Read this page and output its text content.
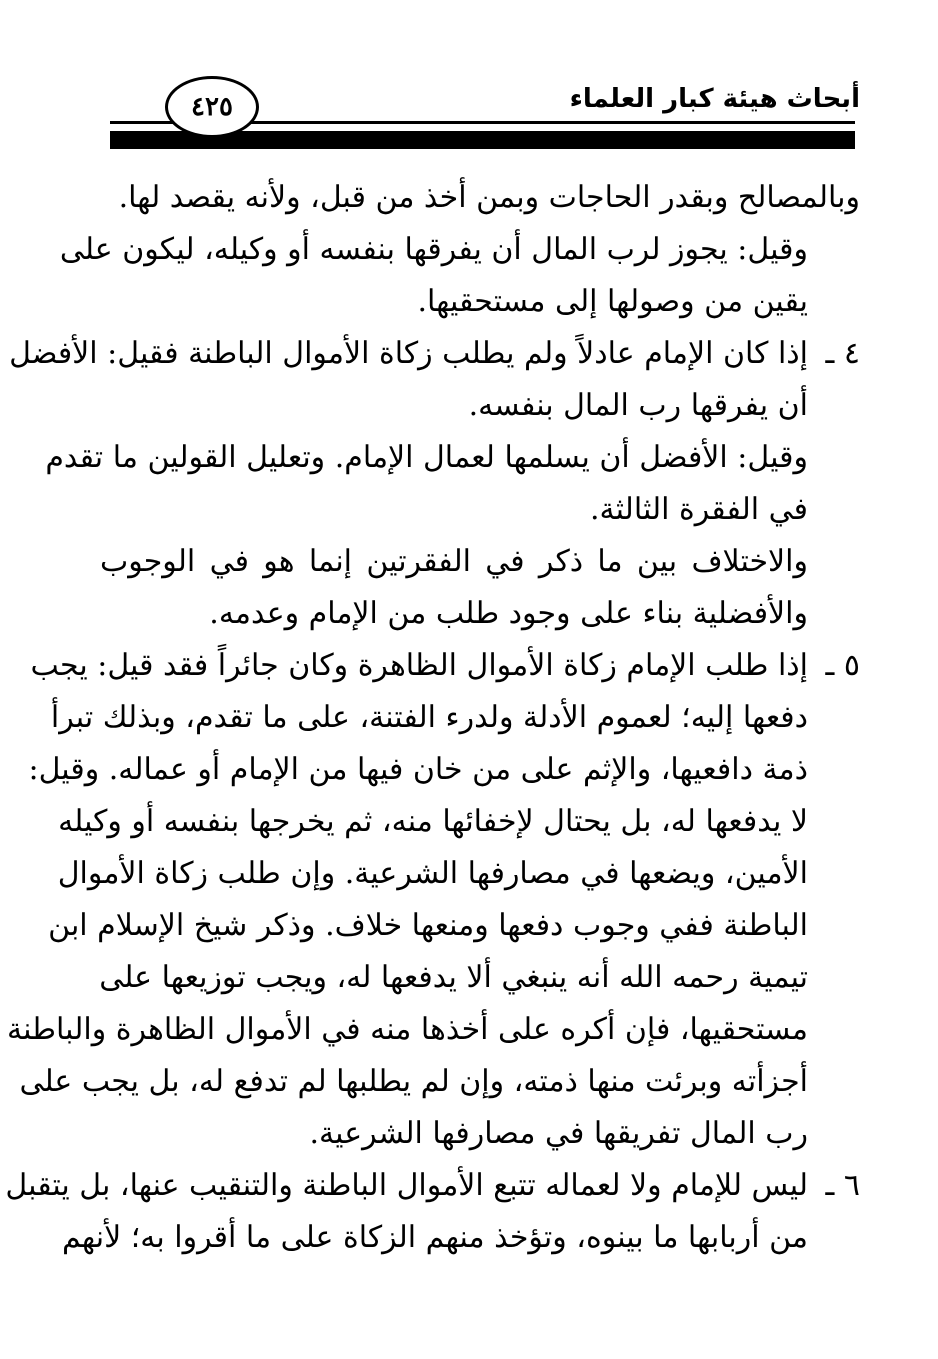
أبحاث هيئة كبار العلماء
٤٢٥
وبالمصالح وبقدر الحاجات وبمن أخذ من قبل، ولأنه يقصد لها.
وقيل: يجوز لرب المال أن يفرقها بنفسه أو وكيله، ليكون على
يقين من وصولها إلى مستحقيها.
٤ ـ
إذا كان الإمام عادلاً ولم يطلب زكاة الأموال الباطنة فقيل: الأفضل
أن يفرقها رب المال بنفسه.
وقيل: الأفضل أن يسلمها لعمال الإمام. وتعليل القولين ما تقدم
في الفقرة الثالثة.
والاختلاف بين ما ذكر في الفقرتين إنما هو في الوجوب
والأفضلية بناء على وجود طلب من الإمام وعدمه.
٥ ـ
إذا طلب الإمام زكاة الأموال الظاهرة وكان جائراً فقد قيل: يجب
دفعها إليه؛ لعموم الأدلة ولدرء الفتنة، على ما تقدم، وبذلك تبرأ
ذمة دافعيها، والإثم على من خان فيها من الإمام أو عماله. وقيل:
لا يدفعها له، بل يحتال لإخفائها منه، ثم يخرجها بنفسه أو وكيله
الأمين، ويضعها في مصارفها الشرعية. وإن طلب زكاة الأموال
الباطنة ففي وجوب دفعها ومنعها خلاف. وذكر شيخ الإسلام ابن
تيمية رحمه الله أنه ينبغي ألا يدفعها له، ويجب توزيعها على
مستحقيها، فإن أكره على أخذها منه في الأموال الظاهرة والباطنة
أجزأته وبرئت منها ذمته، وإن لم يطلبها لم تدفع له، بل يجب على
رب المال تفريقها في مصارفها الشرعية.
٦ ـ
ليس للإمام ولا لعماله تتبع الأموال الباطنة والتنقيب عنها، بل يتقبل
من أربابها ما بينوه، وتؤخذ منهم الزكاة على ما أقروا به؛ لأنهم
